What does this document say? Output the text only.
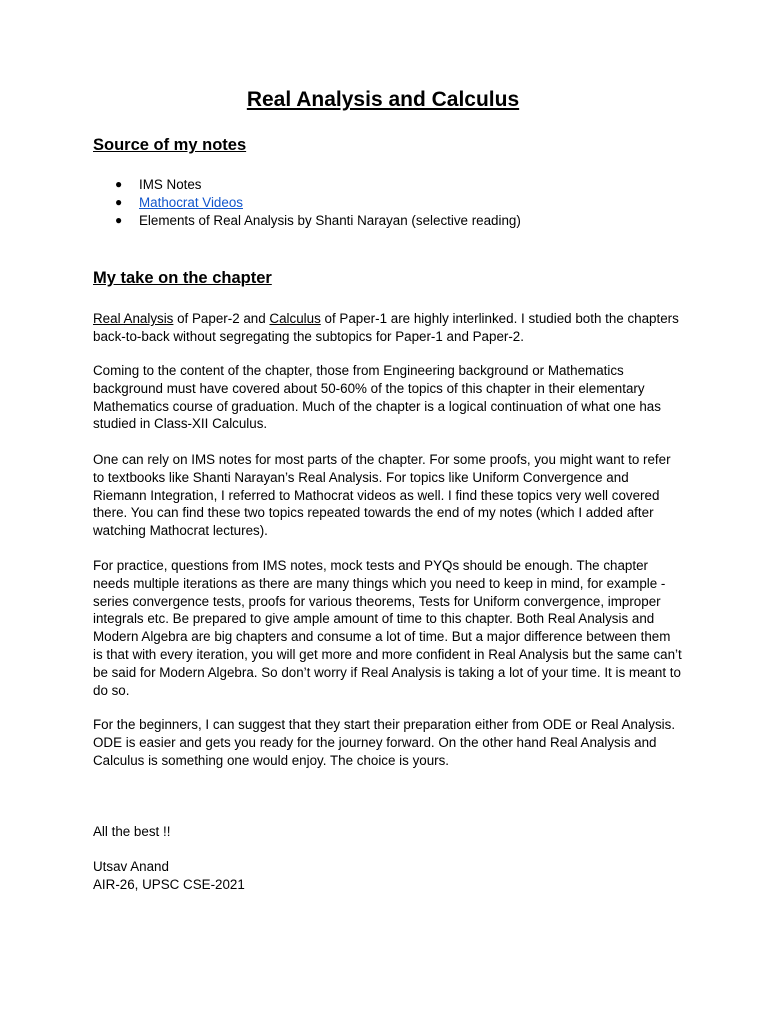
Real Analysis and Calculus
Source of my notes
● IMS Notes
● Mathocrat Videos
● Elements of Real Analysis by Shanti Narayan (selective reading)
My take on the chapter

Real Analysis of Paper-2 and Calculus of Paper-1 are highly interlinked. I studied both the chapters back-to-back without segregating the subtopics for Paper-1 and Paper-2.

Coming to the content of the chapter, those from Engineering background or Mathematics background must have covered about 50-60% of the topics of this chapter in their elementary Mathematics course of graduation. Much of the chapter is a logical continuation of what one has studied in Class-XII Calculus.

One can rely on IMS notes for most parts of the chapter. For some proofs, you might want to refer to textbooks like Shanti Narayan’s Real Analysis. For topics like Uniform Convergence and Riemann Integration, I referred to Mathocrat videos as well. I find these topics very well covered there. You can find these two topics repeated towards the end of my notes (which I added after watching Mathocrat lectures).

For practice, questions from IMS notes, mock tests and PYQs should be enough. The chapter needs multiple iterations as there are many things which you need to keep in mind, for example - series convergence tests, proofs for various theorems, Tests for Uniform convergence, improper integrals etc. Be prepared to give ample amount of time to this chapter. Both Real Analysis and Modern Algebra are big chapters and consume a lot of time. But a major difference between them is that with every iteration, you will get more and more confident in Real Analysis but the same can’t be said for Modern Algebra. So don’t worry if Real Analysis is taking a lot of your time. It is meant to do so.

For the beginners, I can suggest that they start their preparation either from ODE or Real Analysis. ODE is easier and gets you ready for the journey forward. On the other hand Real Analysis and Calculus is something one would enjoy. The choice is yours.

All the best !!

Utsav Anand
AIR-26, UPSC CSE-2021
